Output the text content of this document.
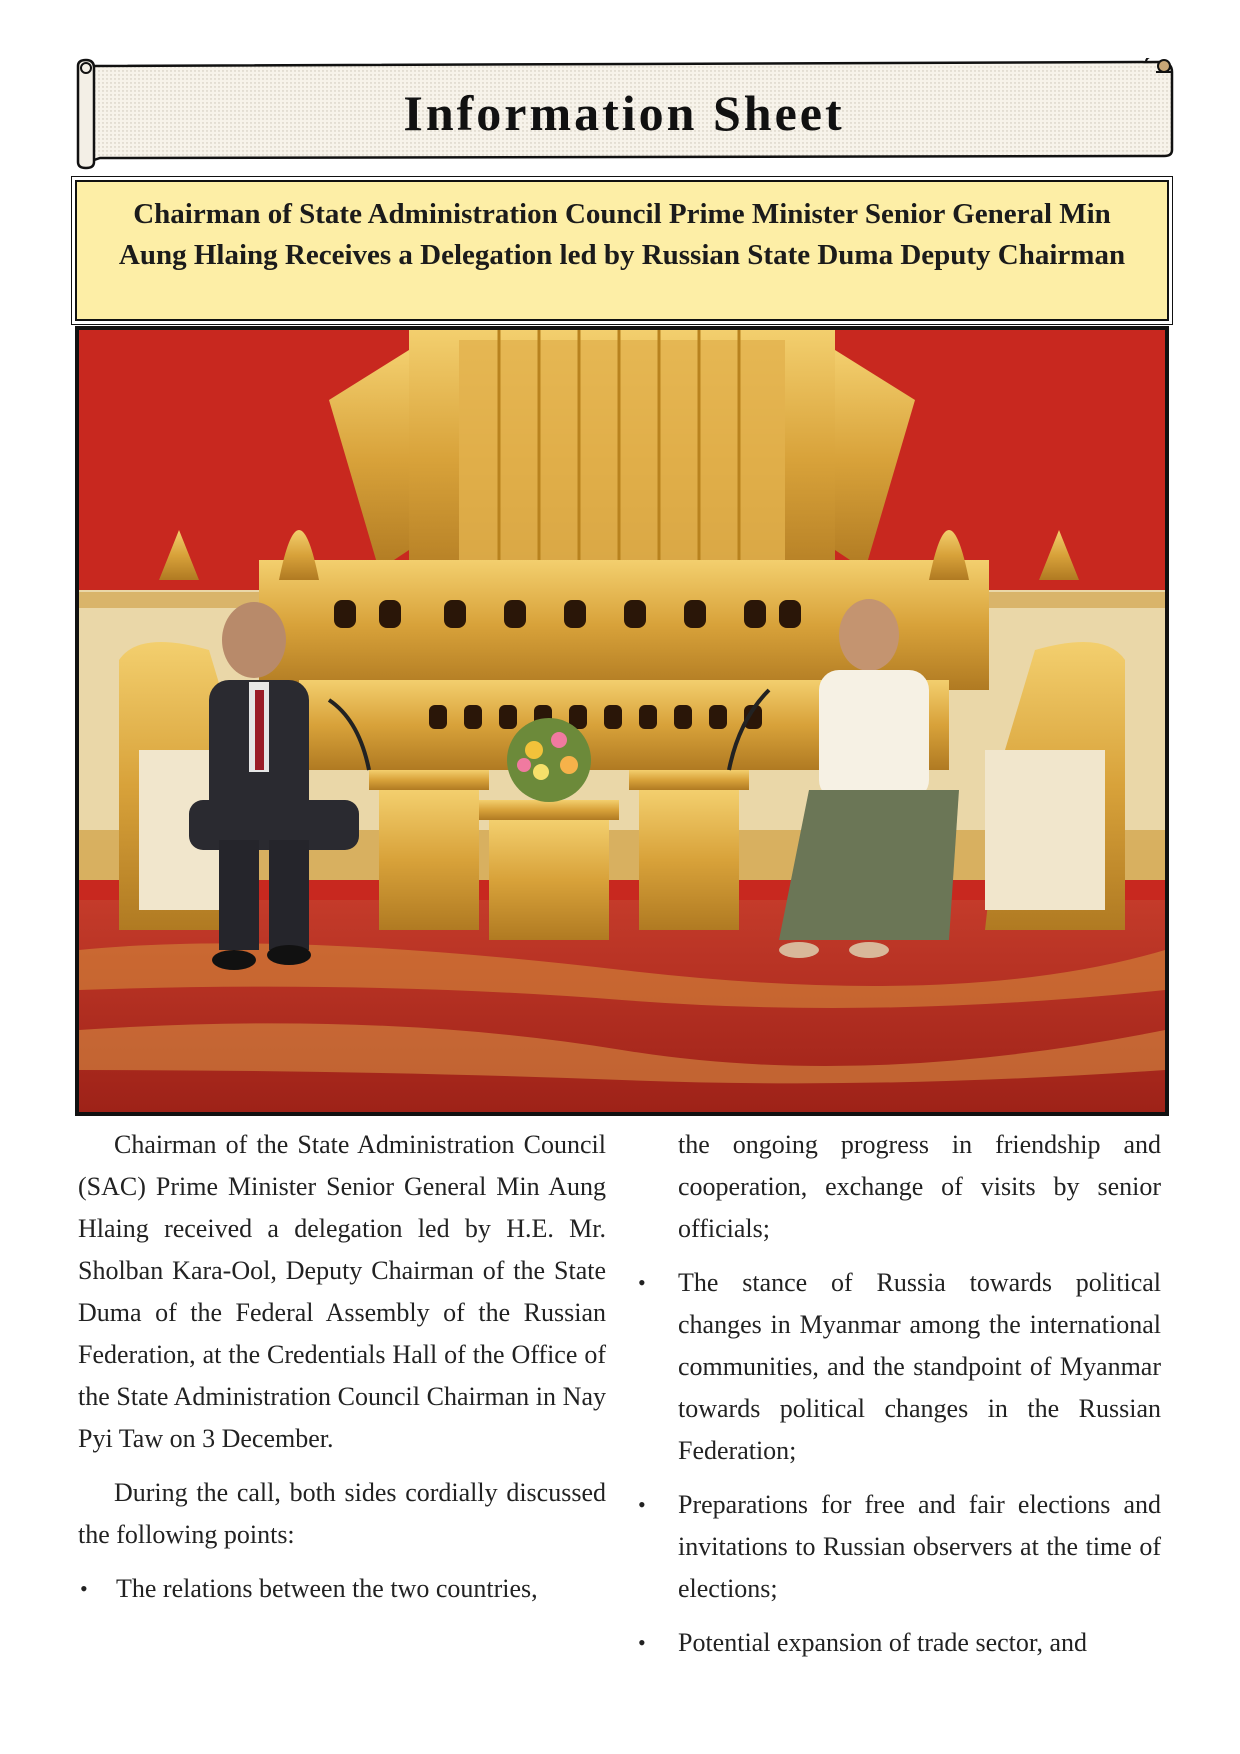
Information Sheet

Chairman of State Administration Council Prime Minister Senior General Min Aung Hlaing Receives a Delegation led by Russian State Duma Deputy Chairman

Chairman of the State Administration Council (SAC) Prime Minister Senior General Min Aung Hlaing received a delegation led by H.E. Mr. Sholban Kara-Ool, Deputy Chairman of the State Duma of the Federal Assembly of the Russian Federation, at the Credentials Hall of the Office of the State Administration Council Chairman in Nay Pyi Taw on 3 December.

During the call, both sides cordially discussed the following points:

• The relations between the two countries,

the ongoing progress in friendship and cooperation, exchange of visits by senior officials;

• The stance of Russia towards political changes in Myanmar among the international communities, and the standpoint of Myanmar towards political changes in the Russian Federation;
• Preparations for free and fair elections and invitations to Russian observers at the time of elections;
• Potential expansion of trade sector, and
